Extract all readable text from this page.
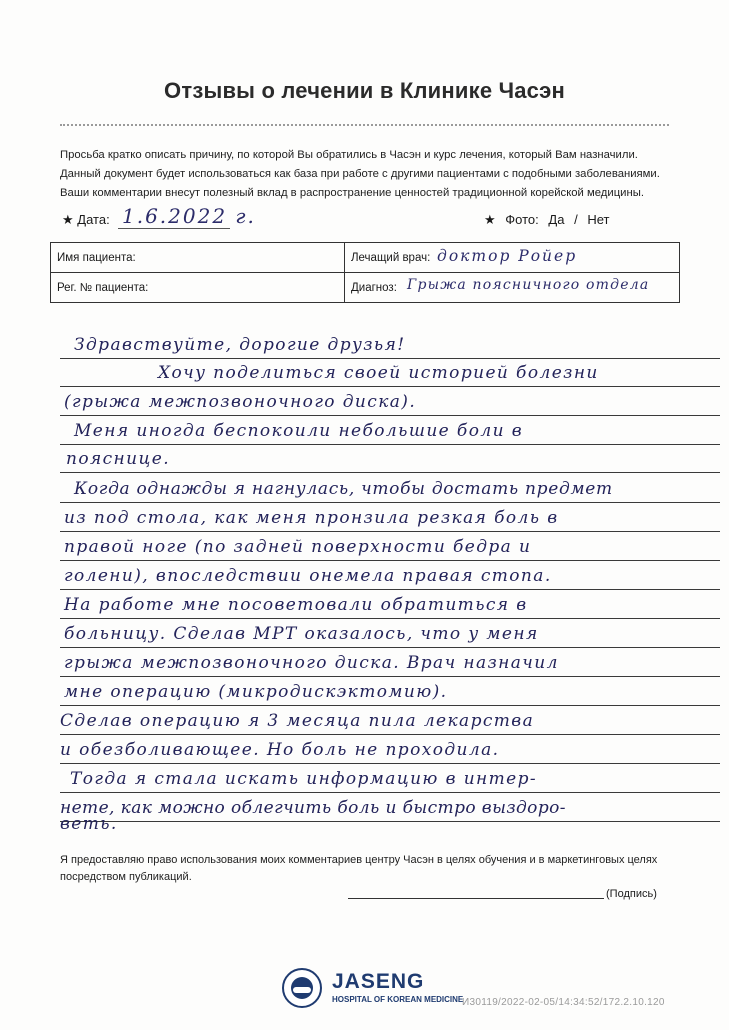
Отзывы о лечении в Клинике Часэн
Просьба кратко описать причину, по которой Вы обратились в Часэн и курс лечения, который Вам назначили.
Данный документ будет использоваться как база при работе с другими пациентами с подобными заболеваниями.
Ваши комментарии внесут полезный вклад в распространение ценностей традиционной корейской медицины.
★ Дата: 1.6.2022 г.	★ Фото: Да / Нет
Имя пациента:	Лечащий врач: доктор Ройер

Рег. № пациента:	Диагноз: Грыжа поясничного отдела
Здравствуйте, дорогие друзья!
Хочу поделиться своей историей болезни
(грыжа межпозвоночного диска).
Меня иногда беспокоили небольшие боли в
пояснице.
Когда однажды я нагнулась, чтобы достать предмет
из под стола, как меня пронзила резкая боль в
правой ноге (по задней поверхности бедра и
голени), впоследствии онемела правая стопа.
На работе мне посоветовали обратиться в
больницу. Сделав МРТ оказалось, что у меня
грыжа межпозвоночного диска. Врач назначил
мне операцию (микродискэктомию).
Сделав операцию я 3 месяца пила лекарства
и обезболивающее. Но боль не проходила.
Тогда я стала искать информацию в интер-
нете, как можно облегчить боль и быстро выздоро-
веть.
Я предоставляю право использования моих комментариев центру Часэн в целях обучения и в маркетинговых целях посредством публикаций.
(Подпись)
JASENG
HOSPITAL OF KOREAN MEDICINE
И30119/2022-02-05/14:34:52/172.2.10.120
